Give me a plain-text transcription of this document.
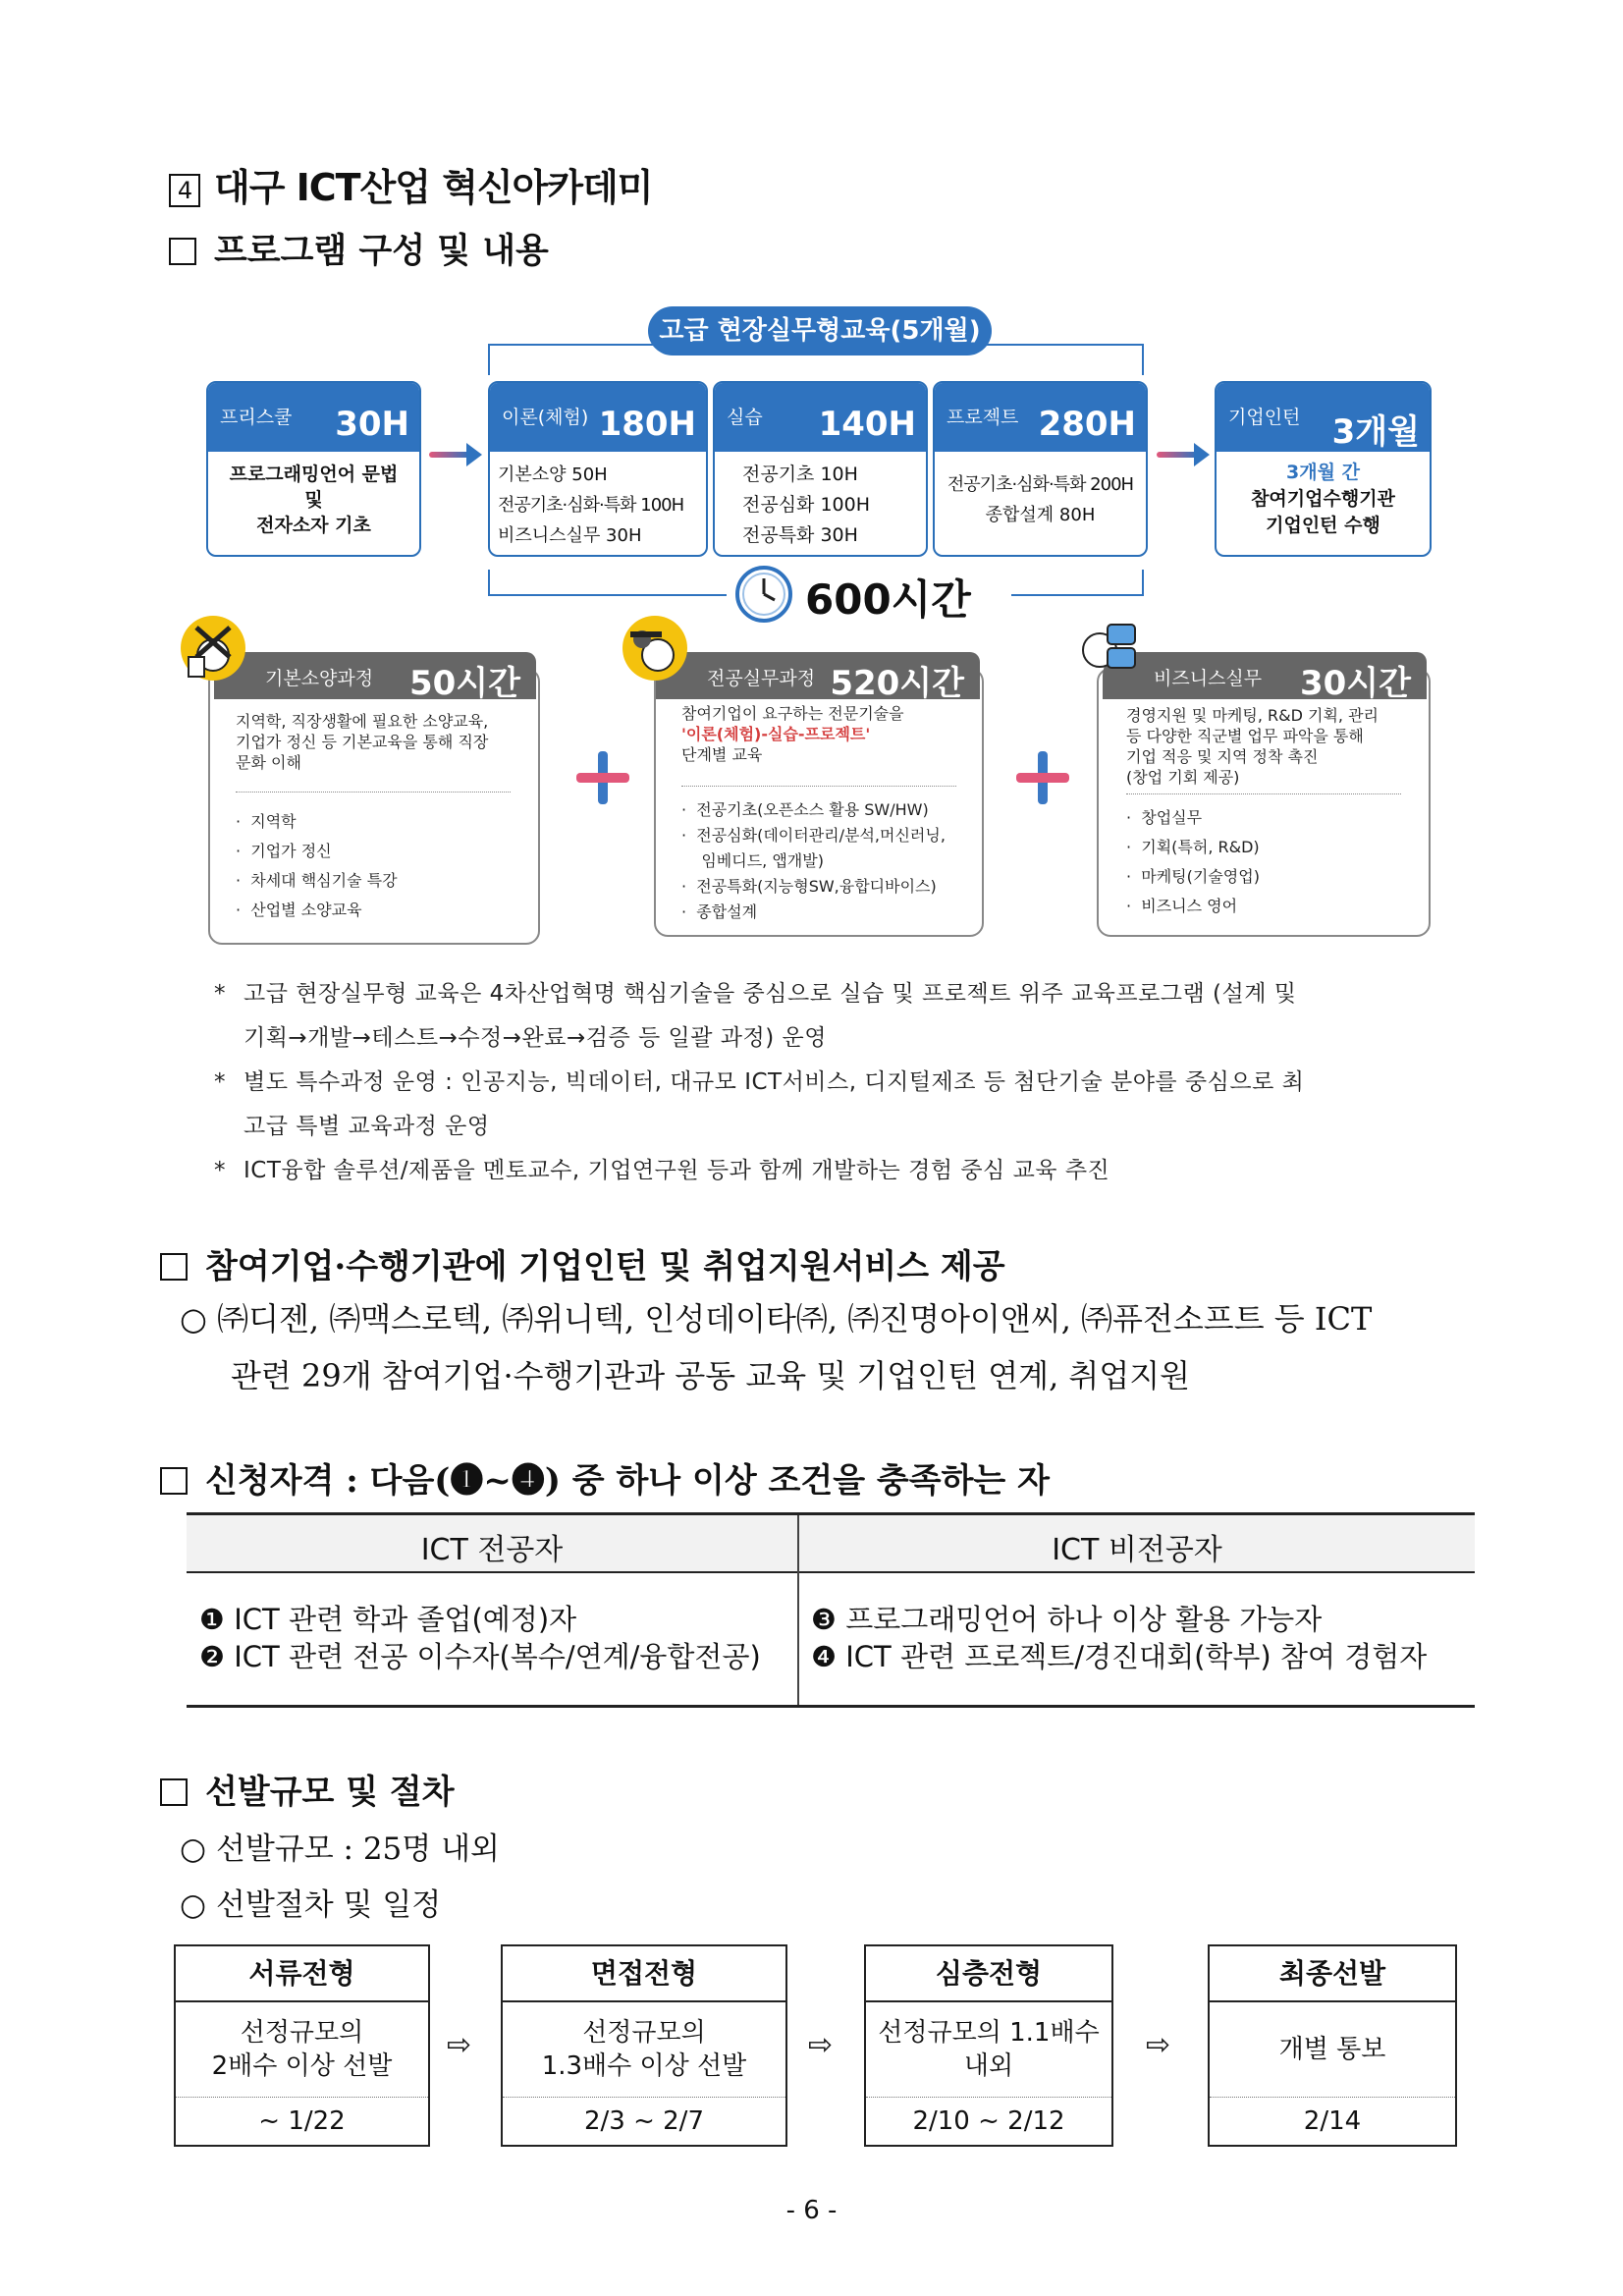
4 대구 ICT산업 혁신아카데미
프로그램 구성 및 내용
고급 현장실무형교육(5개월)
프리스쿨 30H
프로그래밍언어 문법
및
전자소자 기초
이론(체험) 180H
기본소양 50H
전공기초·심화·특화 100H
비즈니스실무 30H
실습 140H
전공기초 10H
전공심화 100H
전공특화 30H
프로젝트 280H
전공기초·심화·특화 200H
종합설계 80H
기업인턴 3개월
3개월 간
참여기업수행기관
기업인턴 수행
600시간
기본소양과정 50시간
지역학, 직장생활에 필요한 소양교육,
기업가 정신 등 기본교육을 통해 직장
문화 이해
·  지역학
·  기업가 정신
·  차세대 핵심기술 특강
·  산업별 소양교육
전공실무과정 520시간
참여기업이 요구하는 전문기술을
'이론(체험)-실습-프로젝트'
단계별 교육
·  전공기초(오픈소스 활용 SW/HW)
·  전공심화(데이터관리/분석,머신러닝,
임베디드, 앱개발)
·  전공특화(지능형SW,융합디바이스)
·  종합설계
비즈니스실무 30시간
경영지원 및 마케팅, R&D 기획, 관리
등 다양한 직군별 업무 파악을 통해
기업 적응 및 지역 정착 촉진
(창업 기회 제공)
·  창업실무
·  기획(특허, R&D)
·  마케팅(기술영업)
·  비즈니스 영어
* 고급 현장실무형 교육은 4차산업혁명 핵심기술을 중심으로 실습 및 프로젝트 위주 교육프로그램 (설계 및
기획→개발→테스트→수정→완료→검증 등 일괄 과정) 운영
* 별도 특수과정 운영 : 인공지능, 빅데이터, 대규모 ICT서비스, 디지털제조 등 첨단기술 분야를 중심으로 최
고급 특별 교육과정 운영
* ICT융합 솔루션/제품을 멘토교수, 기업연구원 등과 함께 개발하는 경험 중심 교육 추진
참여기업·수행기관에 기업인턴 및 취업지원서비스 제공
○ ㈜디젠, ㈜맥스로텍, ㈜위니텍, 인성데이타㈜, ㈜진명아이앤씨, ㈜퓨전소프트 등 ICT
관련 29개 참여기업·수행기관과 공동 교육 및 기업인턴 연계, 취업지원
신청자격 : 다음(❶~❹) 중 하나 이상 조건을 충족하는 자
ICT 전공자	ICT 비전공자
❶ ICT 관련 학과 졸업(예정)자
❷ ICT 관련 전공 이수자(복수/연계/융합전공)
❸ 프로그래밍언어 하나 이상 활용 가능자
❹ ICT 관련 프로젝트/경진대회(학부) 참여 경험자
선발규모 및 절차
○ 선발규모 : 25명 내외
○ 선발절차 및 일정
서류전형
선정규모의
2배수 이상 선발
~ 1/22
⇨
면접전형
선정규모의
1.3배수 이상 선발
2/3 ~ 2/7
⇨
심층전형
선정규모의 1.1배수
내외
2/10 ~ 2/12
⇨
최종선발
개별 통보
2/14
- 6 -
